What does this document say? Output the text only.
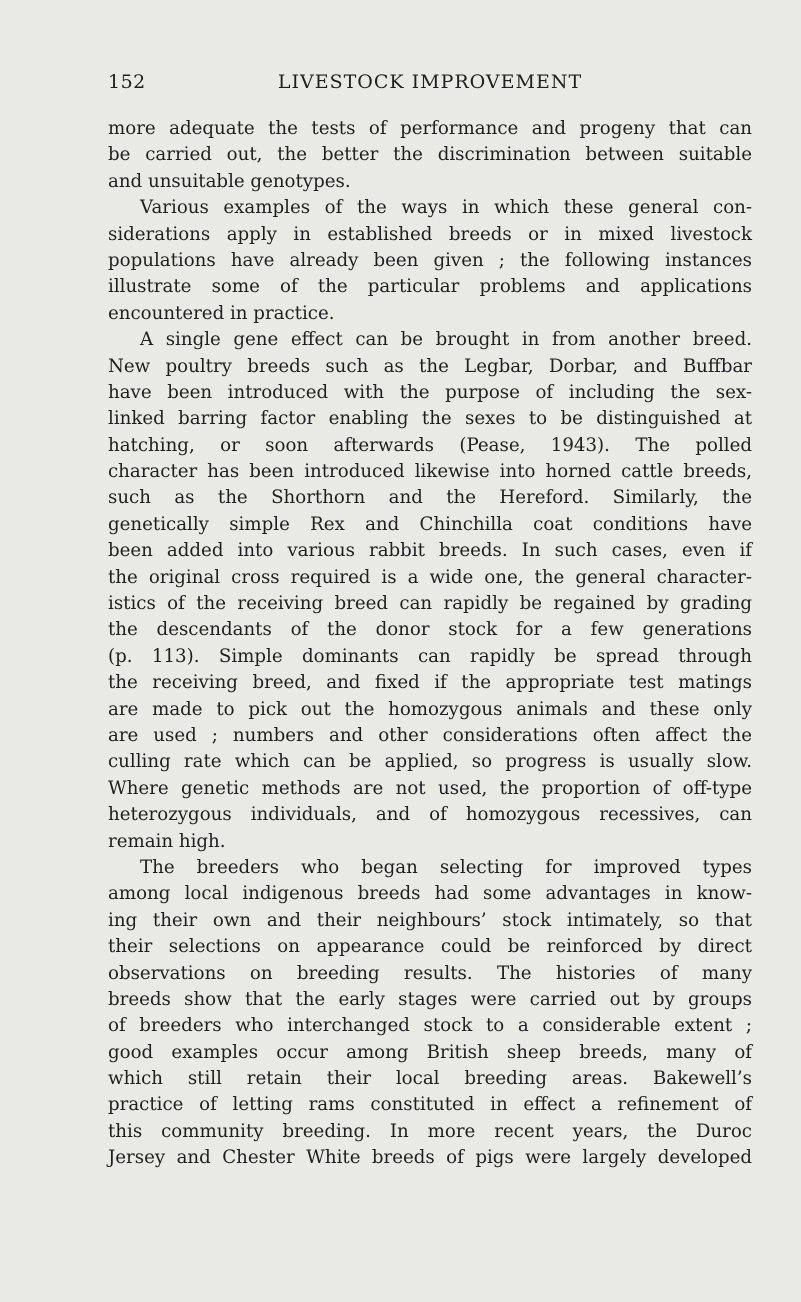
152	LIVESTOCK IMPROVEMENT
more adequate the tests of performance and progeny that can
be carried out, the better the discrimination between suitable
and unsuitable genotypes.
Various examples of the ways in which these general con-
siderations apply in established breeds or in mixed livestock
populations have already been given ; the following instances
illustrate some of the particular problems and applications
encountered in practice.
A single gene effect can be brought in from another breed.
New poultry breeds such as the Legbar, Dorbar, and Buffbar
have been introduced with the purpose of including the sex-
linked barring factor enabling the sexes to be distinguished at
hatching, or soon afterwards (Pease, 1943). The polled
character has been introduced likewise into horned cattle breeds,
such as the Shorthorn and the Hereford. Similarly, the
genetically simple Rex and Chinchilla coat conditions have
been added into various rabbit breeds. In such cases, even if
the original cross required is a wide one, the general character-
istics of the receiving breed can rapidly be regained by grading
the descendants of the donor stock for a few generations
(p. 113). Simple dominants can rapidly be spread through
the receiving breed, and fixed if the appropriate test matings
are made to pick out the homozygous animals and these only
are used ; numbers and other considerations often affect the
culling rate which can be applied, so progress is usually slow.
Where genetic methods are not used, the proportion of off-type
heterozygous individuals, and of homozygous recessives, can
remain high.
The breeders who began selecting for improved types
among local indigenous breeds had some advantages in know-
ing their own and their neighbours’ stock intimately, so that
their selections on appearance could be reinforced by direct
observations on breeding results. The histories of many
breeds show that the early stages were carried out by groups
of breeders who interchanged stock to a considerable extent ;
good examples occur among British sheep breeds, many of
which still retain their local breeding areas. Bakewell’s
practice of letting rams constituted in effect a refinement of
this community breeding. In more recent years, the Duroc
Jersey and Chester White breeds of pigs were largely developed
